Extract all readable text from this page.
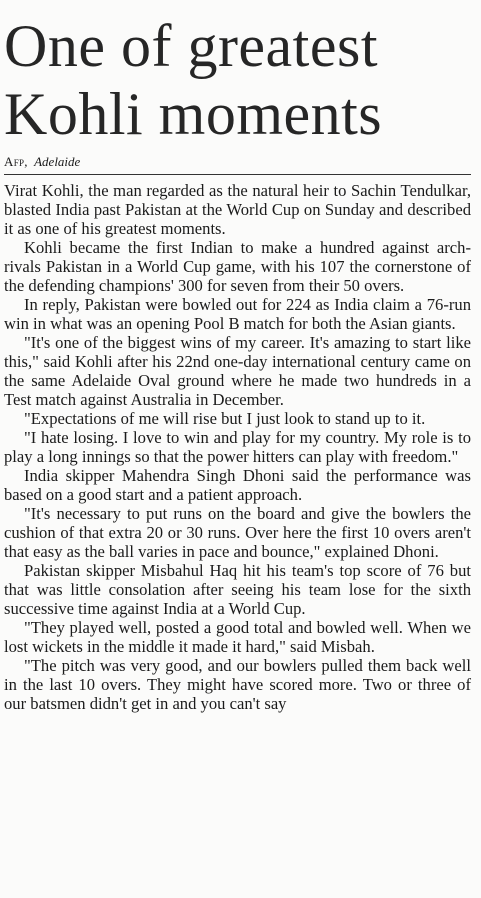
One of greatest
Kohli moments
Afp, Adelaide

Virat Kohli, the man regarded as the natural heir to Sachin Tendulkar, blasted India past Pakistan at the World Cup on Sunday and described it as one of his greatest moments.

Kohli became the first Indian to make a hundred against arch-rivals Pakistan in a World Cup game, with his 107 the cornerstone of the defending champions' 300 for seven from their 50 overs.

In reply, Pakistan were bowled out for 224 as India claim a 76-run win in what was an opening Pool B match for both the Asian giants.

"It's one of the biggest wins of my career. It's amazing to start like this," said Kohli after his 22nd one-day international century came on the same Adelaide Oval ground where he made two hundreds in a Test match against Australia in December.

"Expectations of me will rise but I just look to stand up to it.

"I hate losing. I love to win and play for my country. My role is to play a long innings so that the power hitters can play with freedom."

India skipper Mahendra Singh Dhoni said the performance was based on a good start and a patient approach.

"It's necessary to put runs on the board and give the bowlers the cushion of that extra 20 or 30 runs. Over here the first 10 overs aren't that easy as the ball varies in pace and bounce," explained Dhoni.

Pakistan skipper Misbahul Haq hit his team's top score of 76 but that was little consolation after seeing his team lose for the sixth successive time against India at a World Cup.

"They played well, posted a good total and bowled well. When we lost wickets in the middle it made it hard," said Misbah.

"The pitch was very good, and our bowlers pulled them back well in the last 10 overs. They might have scored more. Two or three of our batsmen didn't get in and you can't say
